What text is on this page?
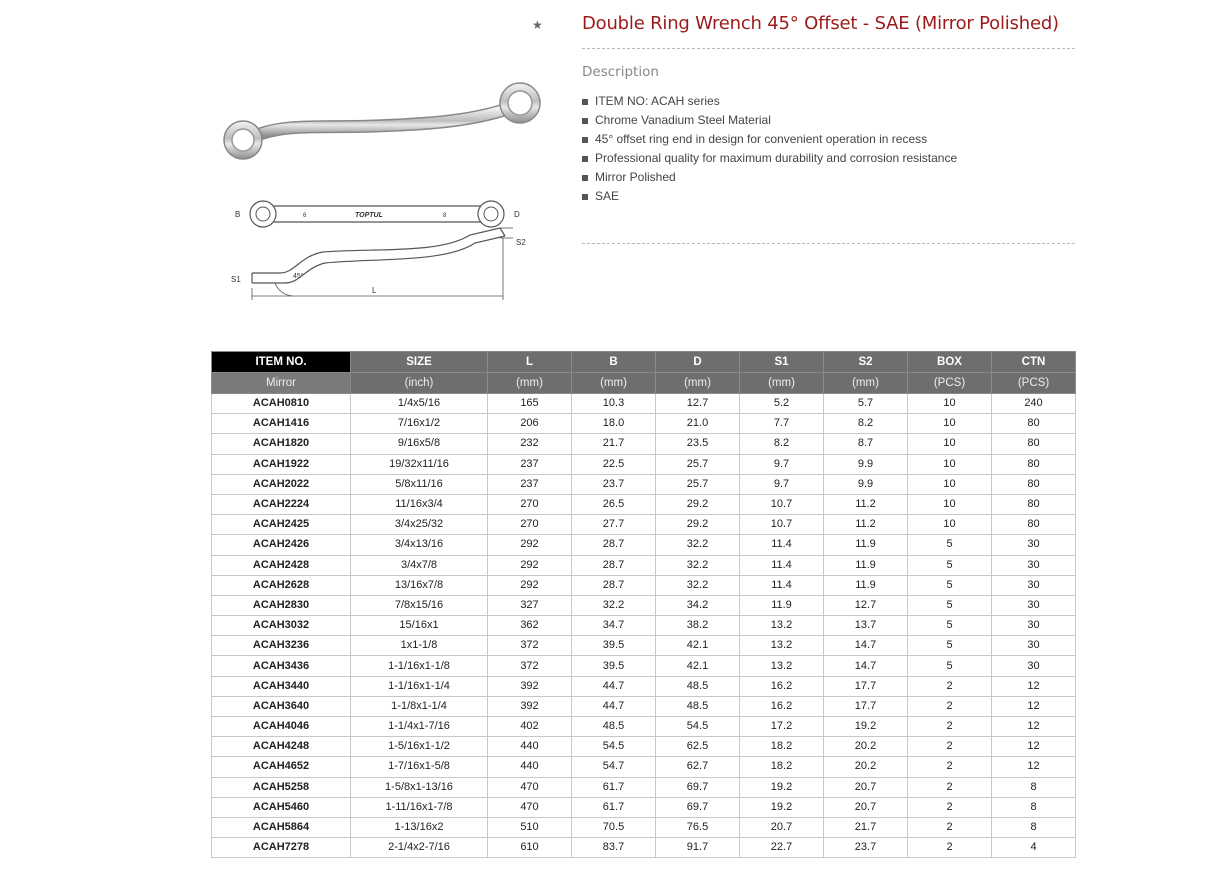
★
B	D
TOPTUL
6	8
S1
S2
L
45°
Double Ring Wrench 45° Offset - SAE (Mirror Polished)
Description
ITEM NO: ACAH series
Chrome Vanadium Steel Material
45° offset ring end in design for convenient operation in recess
Professional quality for maximum durability and corrosion resistance
Mirror Polished
SAE
ITEM NO.	SIZE	L	B	D	S1	S2	BOX	CTN
Mirror	(inch)	(mm)	(mm)	(mm)	(mm)	(mm)	(PCS)	(PCS)
ACAH0810	1/4x5/16	165	10.3	12.7	5.2	5.7	10	240
ACAH1416	7/16x1/2	206	18.0	21.0	7.7	8.2	10	80
ACAH1820	9/16x5/8	232	21.7	23.5	8.2	8.7	10	80
ACAH1922	19/32x11/16	237	22.5	25.7	9.7	9.9	10	80
ACAH2022	5/8x11/16	237	23.7	25.7	9.7	9.9	10	80
ACAH2224	11/16x3/4	270	26.5	29.2	10.7	11.2	10	80
ACAH2425	3/4x25/32	270	27.7	29.2	10.7	11.2	10	80
ACAH2426	3/4x13/16	292	28.7	32.2	11.4	11.9	5	30
ACAH2428	3/4x7/8	292	28.7	32.2	11.4	11.9	5	30
ACAH2628	13/16x7/8	292	28.7	32.2	11.4	11.9	5	30
ACAH2830	7/8x15/16	327	32.2	34.2	11.9	12.7	5	30
ACAH3032	15/16x1	362	34.7	38.2	13.2	13.7	5	30
ACAH3236	1x1-1/8	372	39.5	42.1	13.2	14.7	5	30
ACAH3436	1-1/16x1-1/8	372	39.5	42.1	13.2	14.7	5	30
ACAH3440	1-1/16x1-1/4	392	44.7	48.5	16.2	17.7	2	12
ACAH3640	1-1/8x1-1/4	392	44.7	48.5	16.2	17.7	2	12
ACAH4046	1-1/4x1-7/16	402	48.5	54.5	17.2	19.2	2	12
ACAH4248	1-5/16x1-1/2	440	54.5	62.5	18.2	20.2	2	12
ACAH4652	1-7/16x1-5/8	440	54.7	62.7	18.2	20.2	2	12
ACAH5258	1-5/8x1-13/16	470	61.7	69.7	19.2	20.7	2	8
ACAH5460	1-11/16x1-7/8	470	61.7	69.7	19.2	20.7	2	8
ACAH5864	1-13/16x2	510	70.5	76.5	20.7	21.7	2	8
ACAH7278	2-1/4x2-7/16	610	83.7	91.7	22.7	23.7	2	4
